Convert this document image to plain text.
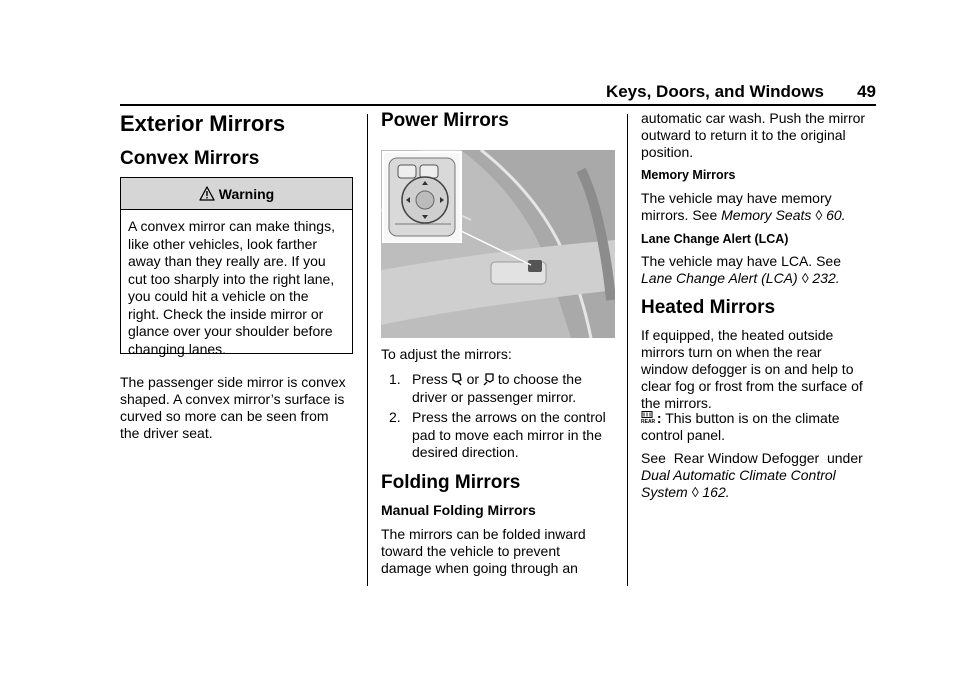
Keys, Doors, and Windows 49
Exterior Mirrors
Convex Mirrors
Warning
A convex mirror can make things,
like other vehicles, look farther
away than they really are. If you
cut too sharply into the right lane,
you could hit a vehicle on the
right. Check the inside mirror or
glance over your shoulder before
changing lanes.

The passenger side mirror is convex

shaped. A convex mirror’s surface is

curved so more can be seen from

the driver seat.

Power Mirrors

To adjust the mirrors:

1. Press or to choose the
driver or passenger mirror.
2. Press the arrows on the control
pad to move each mirror in the
desired direction.
Folding Mirrors
Manual Folding Mirrors

The mirrors can be folded inward

toward the vehicle to prevent

damage when going through an

automatic car wash. Push the mirror

outward to return it to the original

position.

Memory Mirrors

The vehicle may have memory

mirrors. See Memory Seats ◊ 60.

Lane Change Alert (LCA)

The vehicle may have LCA. See

Lane Change Alert (LCA) ◊ 232.

Heated Mirrors

If equipped, the heated outside

mirrors turn on when the rear

window defogger is on and help to

clear fog or frost from the surface of

the mirrors.

REAR : This button is on the climate

control panel.

See  Rear Window Defogger  under

Dual Automatic Climate Control

System ◊ 162.
